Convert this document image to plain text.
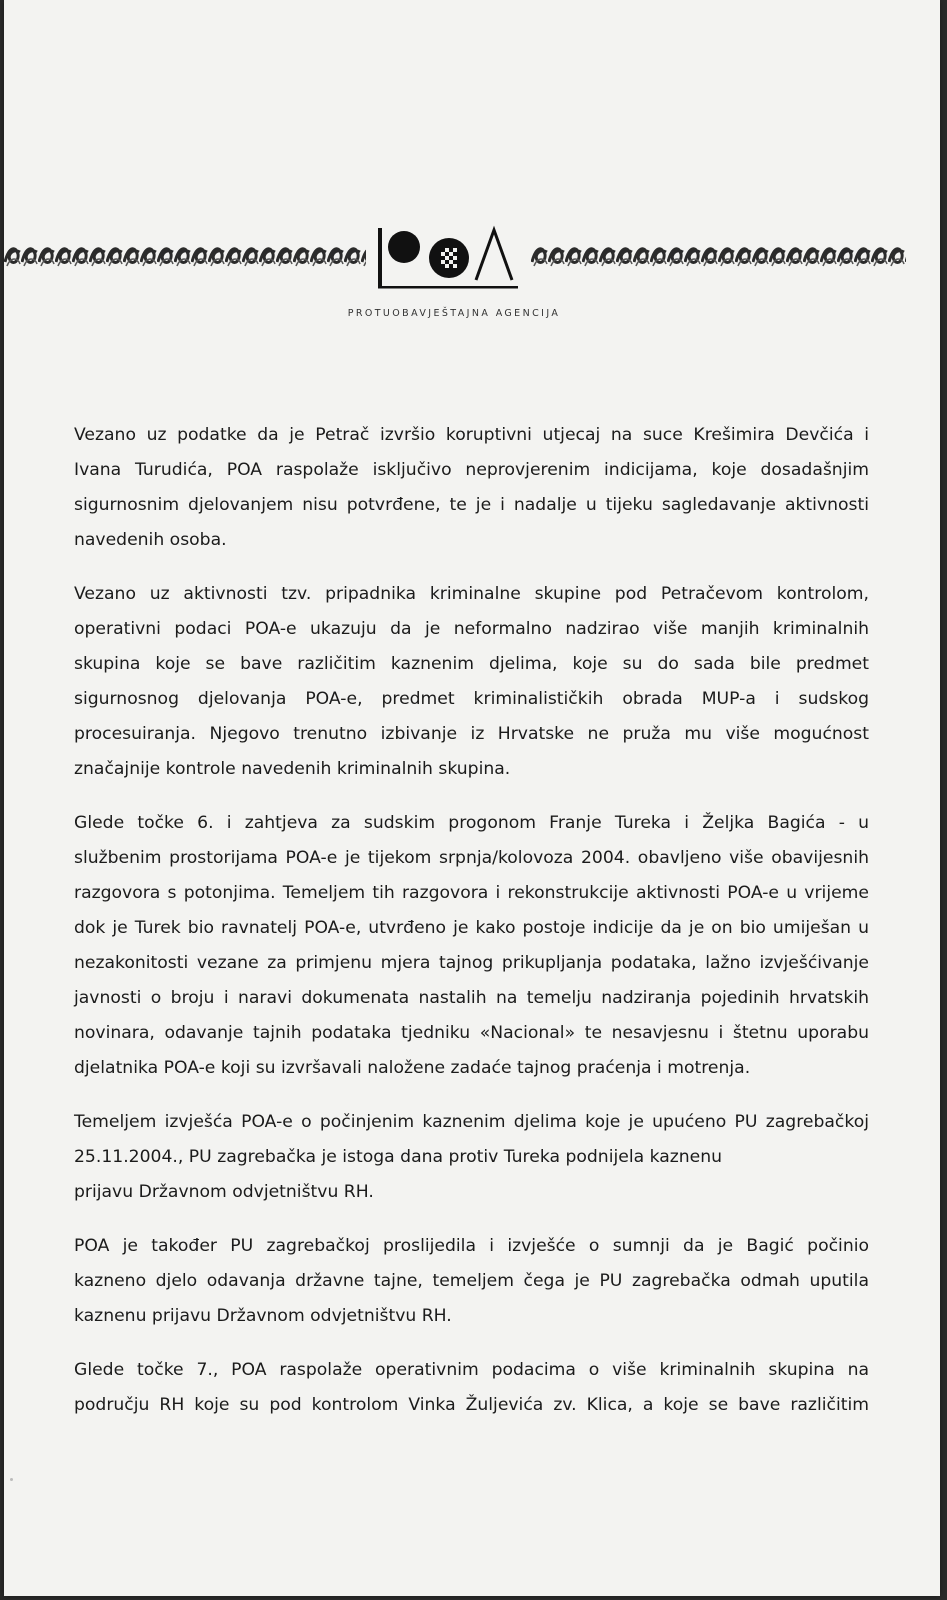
PROTUOBAVJEŠTAJNA AGENCIJA

Vezano uz podatke da je Petrač izvršio koruptivni utjecaj na suce Krešimira Devčića i
Ivana Turudića, POA raspolaže isključivo neprovjerenim indicijama, koje dosadašnjim
sigurnosnim djelovanjem nisu potvrđene, te je i nadalje u tijeku sagledavanje aktivnosti
navedenih osoba.

Vezano uz aktivnosti tzv. pripadnika kriminalne skupine pod Petračevom kontrolom,
operativni podaci POA-e ukazuju da je neformalno nadzirao više manjih kriminalnih
skupina koje se bave različitim kaznenim djelima, koje su do sada bile predmet
sigurnosnog djelovanja POA-e, predmet kriminalističkih obrada MUP-a i sudskog
procesuiranja. Njegovo trenutno izbivanje iz Hrvatske ne pruža mu više mogućnost
značajnije kontrole navedenih kriminalnih skupina.

Glede točke 6. i zahtjeva za sudskim progonom Franje Tureka i Željka Bagića - u
službenim prostorijama POA-e je tijekom srpnja/kolovoza 2004. obavljeno više obavijesnih
razgovora s potonjima. Temeljem tih razgovora i rekonstrukcije aktivnosti POA-e u vrijeme
dok je Turek bio ravnatelj POA-e, utvrđeno je kako postoje indicije da je on bio umiješan u
nezakonitosti vezane za primjenu mjera tajnog prikupljanja podataka, lažno izvješćivanje
javnosti o broju i naravi dokumenata nastalih na temelju nadziranja pojedinih hrvatskih
novinara, odavanje tajnih podataka tjedniku «Nacional» te nesavjesnu i štetnu uporabu
djelatnika POA-e koji su izvršavali naložene zadaće tajnog praćenja i motrenja.

Temeljem izvješća POA-e o počinjenim kaznenim djelima koje je upućeno PU zagrebačkoj
25.11.2004., PU zagrebačka je istoga dana protiv Tureka podnijela kaznenu
prijavu Državnom odvjetništvu RH.

POA je također PU zagrebačkoj proslijedila i izvješće o sumnji da je Bagić počinio
kazneno djelo odavanja državne tajne, temeljem čega je PU zagrebačka odmah uputila
kaznenu prijavu Državnom odvjetništvu RH.

Glede točke 7., POA raspolaže operativnim podacima o više kriminalnih skupina na
području RH koje su pod kontrolom Vinka Žuljevića zv. Klica, a koje se bave različitim
